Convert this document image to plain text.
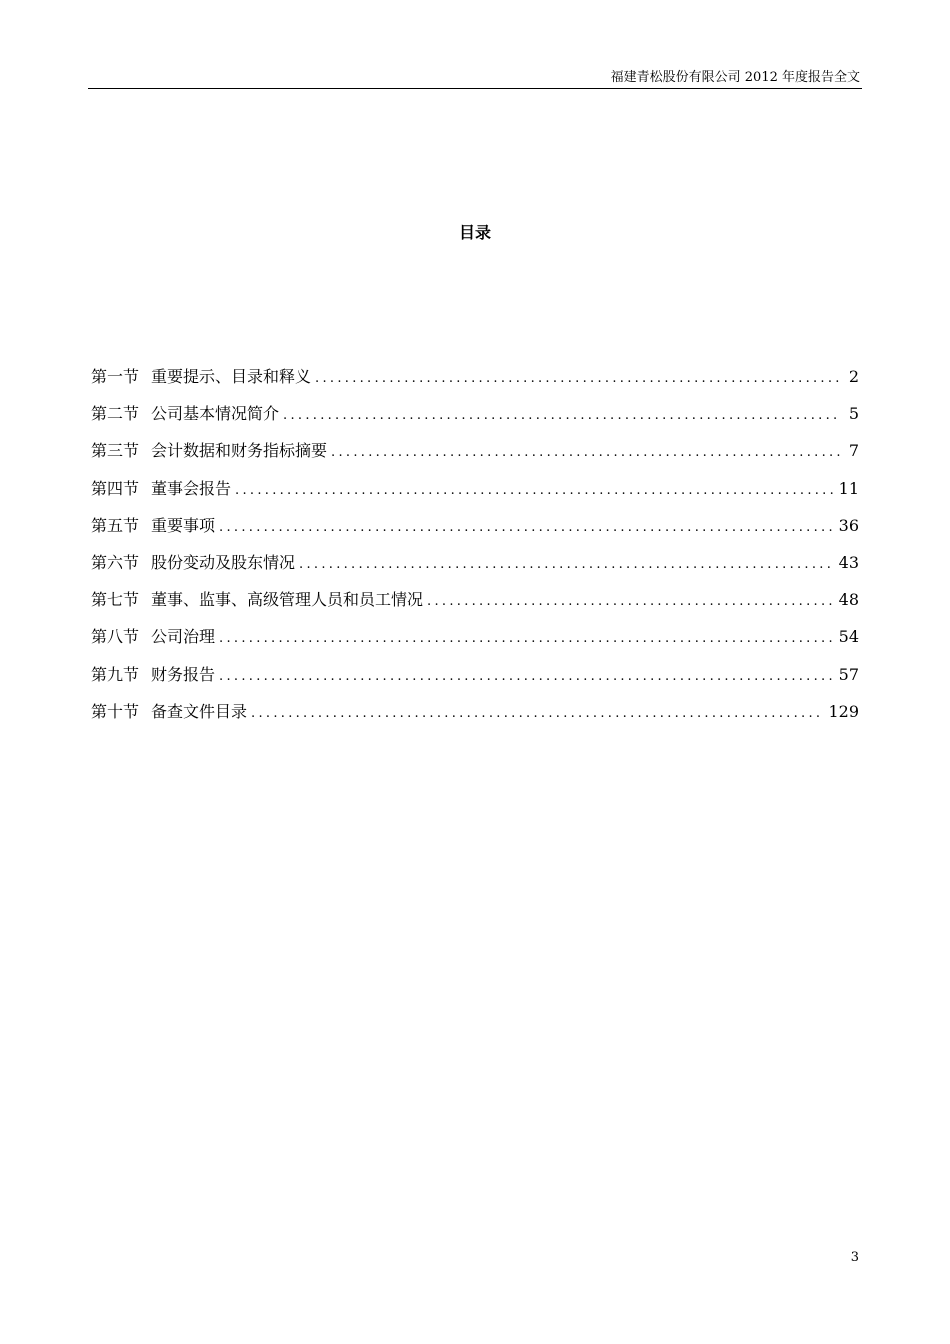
福建青松股份有限公司 2012 年度报告全文
目录
第一节 重要提示、目录和释义 .....	2
第二节 公司基本情况简介 .....	5
第三节 会计数据和财务指标摘要 .....	7
第四节 董事会报告 .....	11
第五节 重要事项 .....	36
第六节 股份变动及股东情况 .....	43
第七节 董事、监事、高级管理人员和员工情况 .....	48
第八节 公司治理 .....	54
第九节 财务报告 .....	57
第十节 备查文件目录 .....	129
3
